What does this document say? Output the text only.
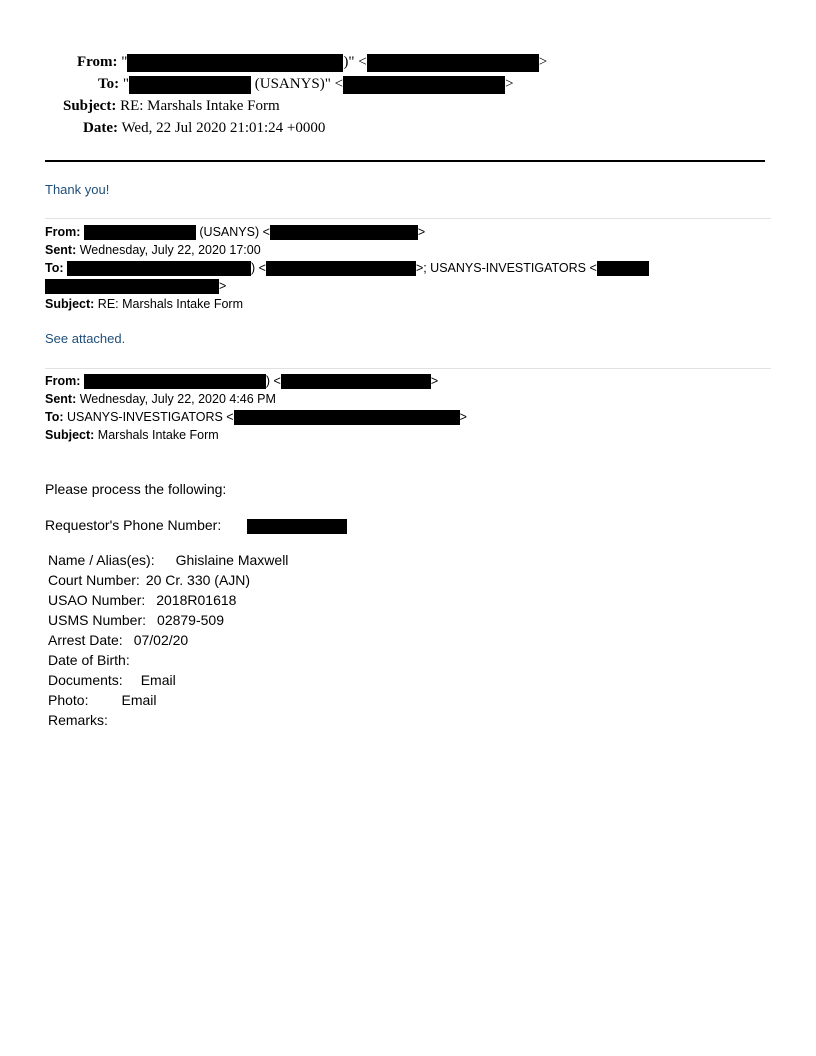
From: "	)" <	>
To: "	(USANYS)" <	>
Subject: RE: Marshals Intake Form
Date: Wed, 22 Jul 2020 21:01:24 +0000
Thank you!
From:	(USANYS) <	>
Sent: Wednesday, July 22, 2020 17:00
To:	) <	>; USANYS-INVESTIGATORS <
>
Subject: RE: Marshals Intake Form
See attached.
From:	) <	>
Sent: Wednesday, July 22, 2020 4:46 PM
To: USANYS-INVESTIGATORS <	>
Subject: Marshals Intake Form
Please process the following:
Requestor's Phone Number:
Name / Alias(es): Ghislaine Maxwell
Court Number: 20 Cr. 330 (AJN)
USAO Number: 2018R01618
USMS Number: 02879-509
Arrest Date: 07/02/20
Date of Birth:
Documents: Email
Photo: Email
Remarks:
